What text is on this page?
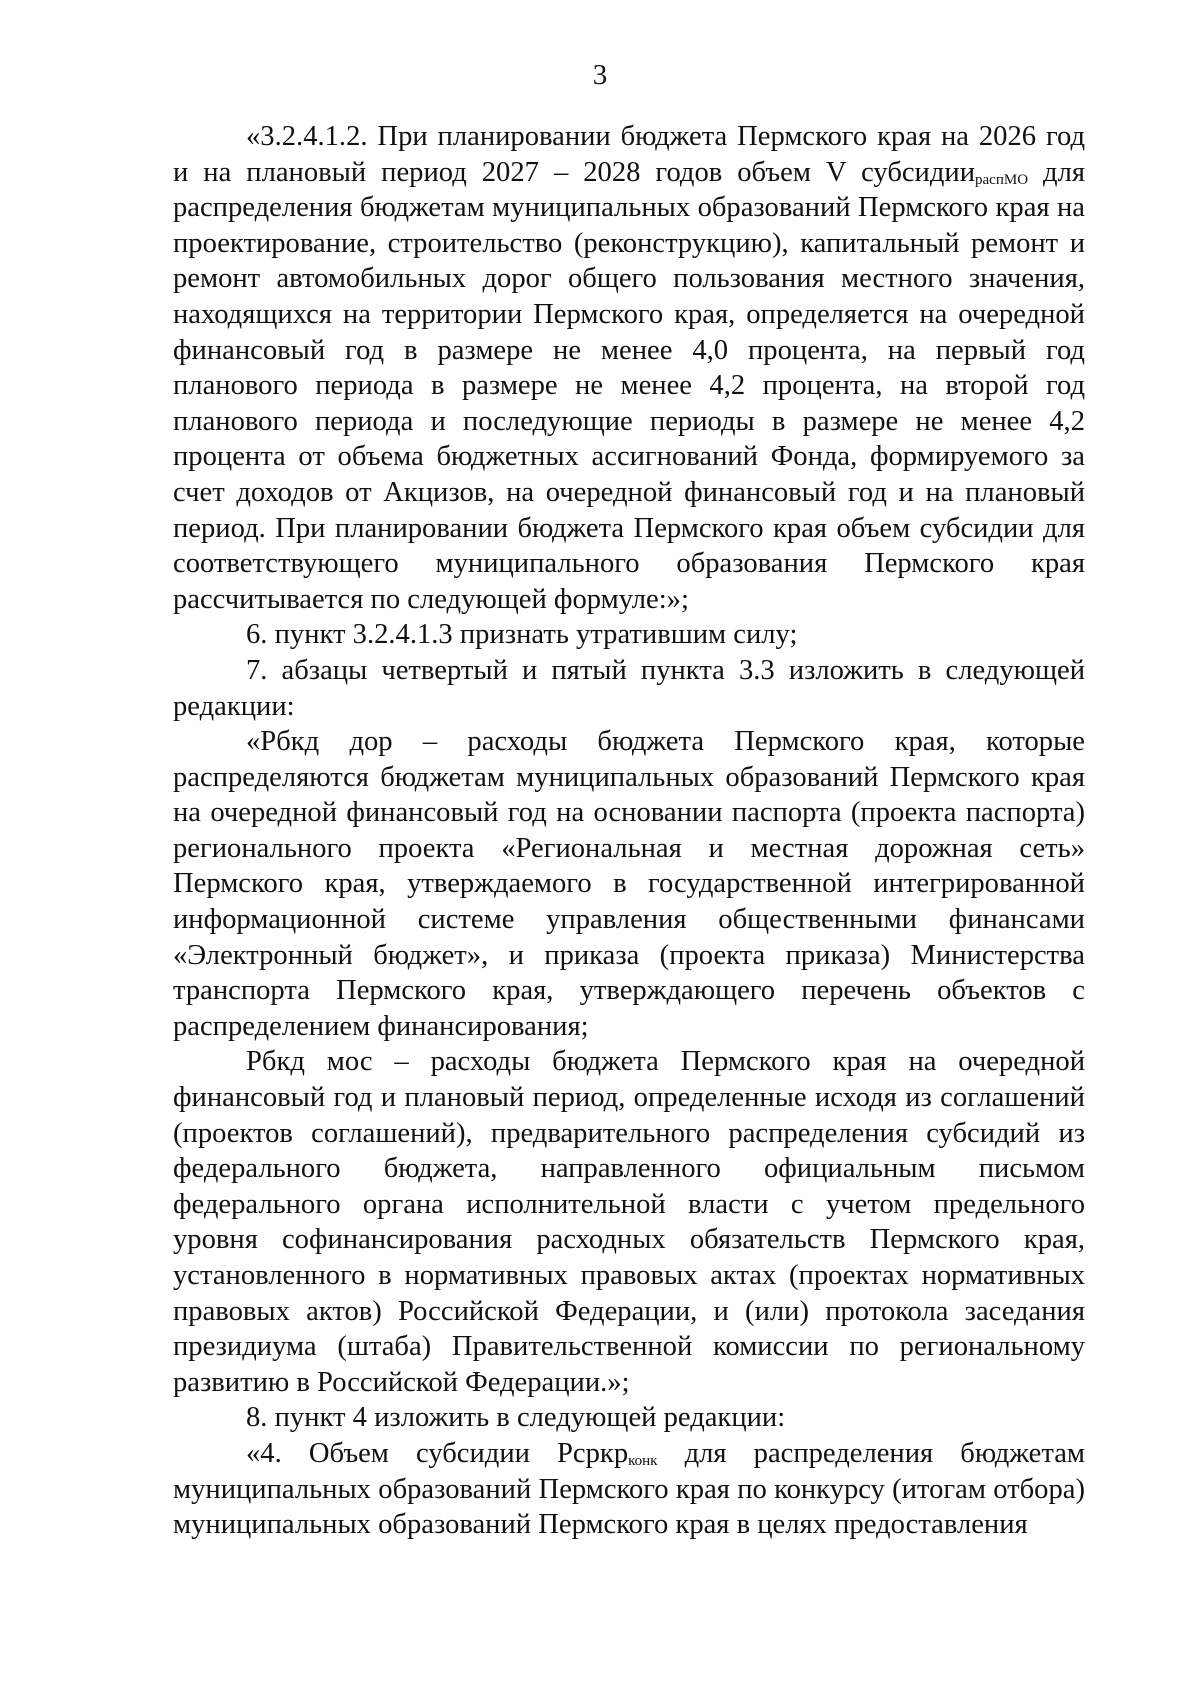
3

«3.2.4.1.2. При планировании бюджета Пермского края на 2026 год и на плановый период 2027 – 2028 годов объем V субсидии$_{распМО}$ для распределения бюджетам муниципальных образований Пермского края на проектирование, строительство (реконструкцию), капитальный ремонт и ремонт автомобильных дорог общего пользования местного значения, находящихся на территории Пермского края, определяется на очередной финансовый год в размере не менее 4,0 процента, на первый год планового периода в размере не менее 4,2 процента, на второй год планового периода и последующие периоды в размере не менее 4,2 процента от объема бюджетных ассигнований Фонда, формируемого за счет доходов от Акцизов, на очередной финансовый год и на плановый период. При планировании бюджета Пермского края объем субсидии для соответствующего муниципального образования Пермского края рассчитывается по следующей формуле:»;

6. пункт 3.2.4.1.3 признать утратившим силу;

7. абзацы четвертый и пятый пункта 3.3 изложить в следующей редакции:

«Рбкд дор – расходы бюджета Пермского края, которые распределяются бюджетам муниципальных образований Пермского края на очередной финансовый год на основании паспорта (проекта паспорта) регионального проекта «Региональная и местная дорожная сеть» Пермского края, утверждаемого в государственной интегрированной информационной системе управления общественными финансами «Электронный бюджет», и приказа (проекта приказа) Министерства транспорта Пермского края, утверждающего перечень объектов с распределением финансирования;

Рбкд мос – расходы бюджета Пермского края на очередной финансовый год и плановый период, определенные исходя из соглашений (проектов соглашений), предварительного распределения субсидий из федерального бюджета, направленного официальным письмом федерального органа исполнительной власти с учетом предельного уровня софинансирования расходных обязательств Пермского края, установленного в нормативных правовых актах (проектах нормативных правовых актов) Российской Федерации, и (или) протокола заседания президиума (штаба) Правительственной комиссии по региональному развитию в Российской Федерации.»;

8. пункт 4 изложить в следующей редакции:

«4. Объем субсидии Рсркр$_{конк}$ для распределения бюджетам муниципальных образований Пермского края по конкурсу (итогам отбора) муниципальных образований Пермского края в целях предоставления
